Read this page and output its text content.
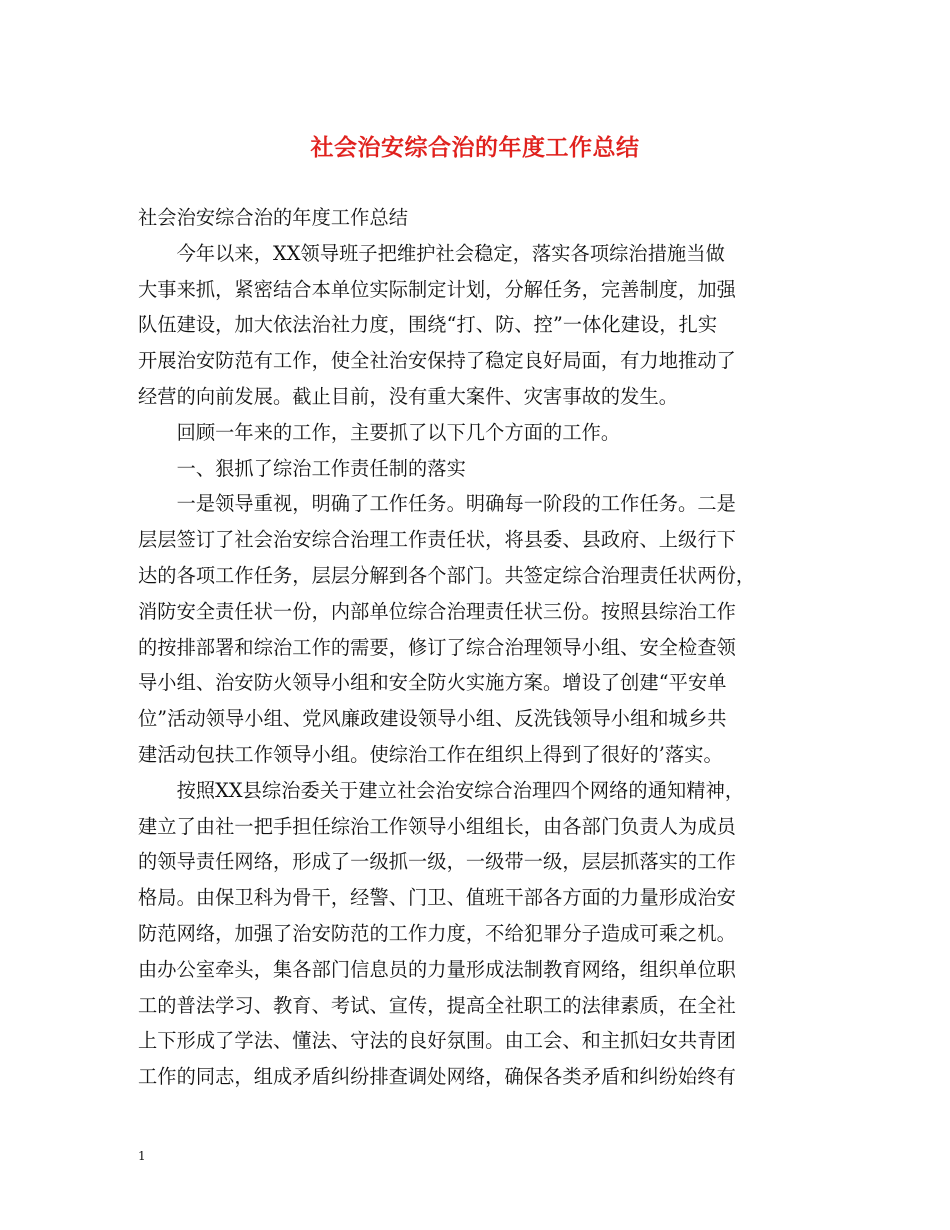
社会治安综合治的年度工作总结
社会治安综合治的年度工作总结
　　今年以来，XX领导班子把维护社会稳定，落实各项综治措施当做
大事来抓，紧密结合本单位实际制定计划，分解任务，完善制度，加强
队伍建设，加大依法治社力度，围绕“打、防、控”一体化建设，扎实
开展治安防范有工作，使全社治安保持了稳定良好局面，有力地推动了
经营的向前发展。截止目前，没有重大案件、灾害事故的发生。
　　回顾一年来的工作，主要抓了以下几个方面的工作。
　　一、狠抓了综治工作责任制的落实
　　一是领导重视，明确了工作任务。明确每一阶段的工作任务。二是
层层签订了社会治安综合治理工作责任状，将县委、县政府、上级行下
达的各项工作任务，层层分解到各个部门。共签定综合治理责任状两份，
消防安全责任状一份，内部单位综合治理责任状三份。按照县综治工作
的按排部署和综治工作的需要，修订了综合治理领导小组、安全检查领
导小组、治安防火领导小组和安全防火实施方案。增设了创建“平安单
位”活动领导小组、党风廉政建设领导小组、反洗钱领导小组和城乡共
建活动包扶工作领导小组。使综治工作在组织上得到了很好的’落实。
　　按照XX县综治委关于建立社会治安综合治理四个网络的通知精神，
建立了由社一把手担任综治工作领导小组组长，由各部门负责人为成员
的领导责任网络，形成了一级抓一级，一级带一级，层层抓落实的工作
格局。由保卫科为骨干，经警、门卫、值班干部各方面的力量形成治安
防范网络，加强了治安防范的工作力度，不给犯罪分子造成可乘之机。
由办公室牵头，集各部门信息员的力量形成法制教育网络，组织单位职
工的普法学习、教育、考试、宣传，提高全社职工的法律素质，在全社
上下形成了学法、懂法、守法的良好氛围。由工会、和主抓妇女共青团
工作的同志，组成矛盾纠纷排查调处网络，确保各类矛盾和纠纷始终有
1
